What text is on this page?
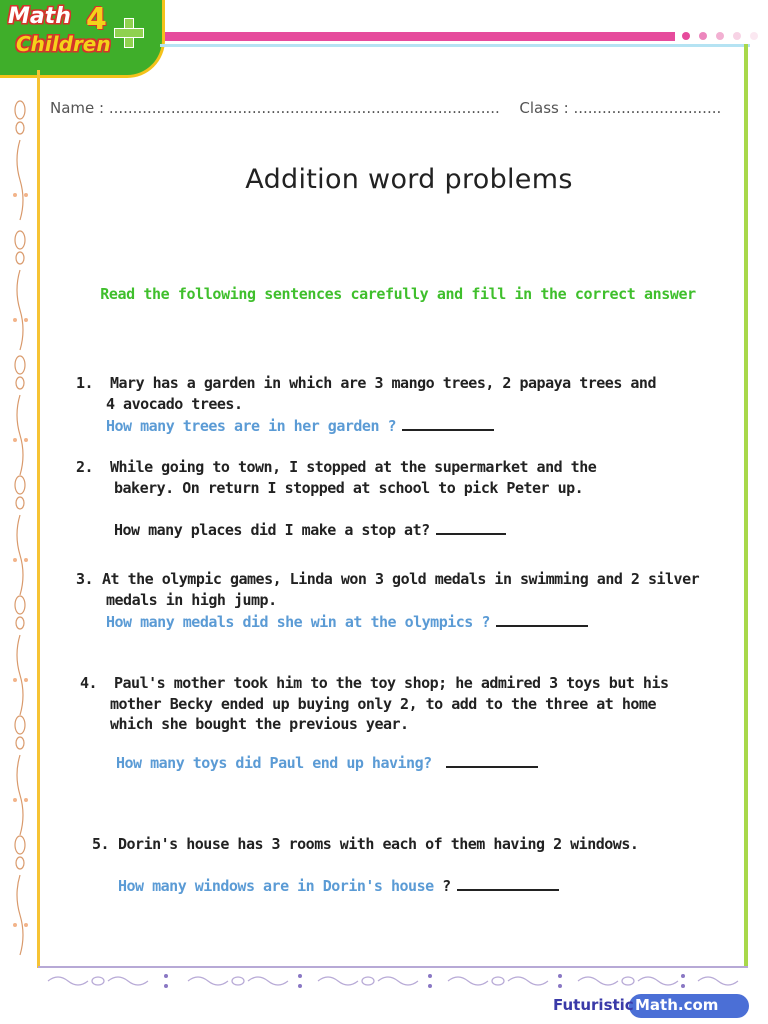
Math 4
Children
Name : .................................................................................. Class : ...............................
Addition word problems
Read the following sentences carefully and fill in the correct answer
1. Mary has a garden in which are 3 mango trees, 2 papaya trees and
4 avocado trees.
How many trees are in her garden ?
2. While going to town, I stopped at the supermarket and the
bakery. On return I stopped at school to pick Peter up.
How many places did I make a stop at?
3. At the olympic games, Linda won 3 gold medals in swimming and 2 silver
medals in high jump.
How many medals did she win at the olympics ?
4. Paul's mother took him to the toy shop; he admired 3 toys but his
mother Becky ended up buying only 2, to add to the three at home
which she bought the previous year.
How many toys did Paul end up having?
5. Dorin's house has 3 rooms with each of them having 2 windows.
How many windows are in Dorin's house ?
Futuristic Math.com
